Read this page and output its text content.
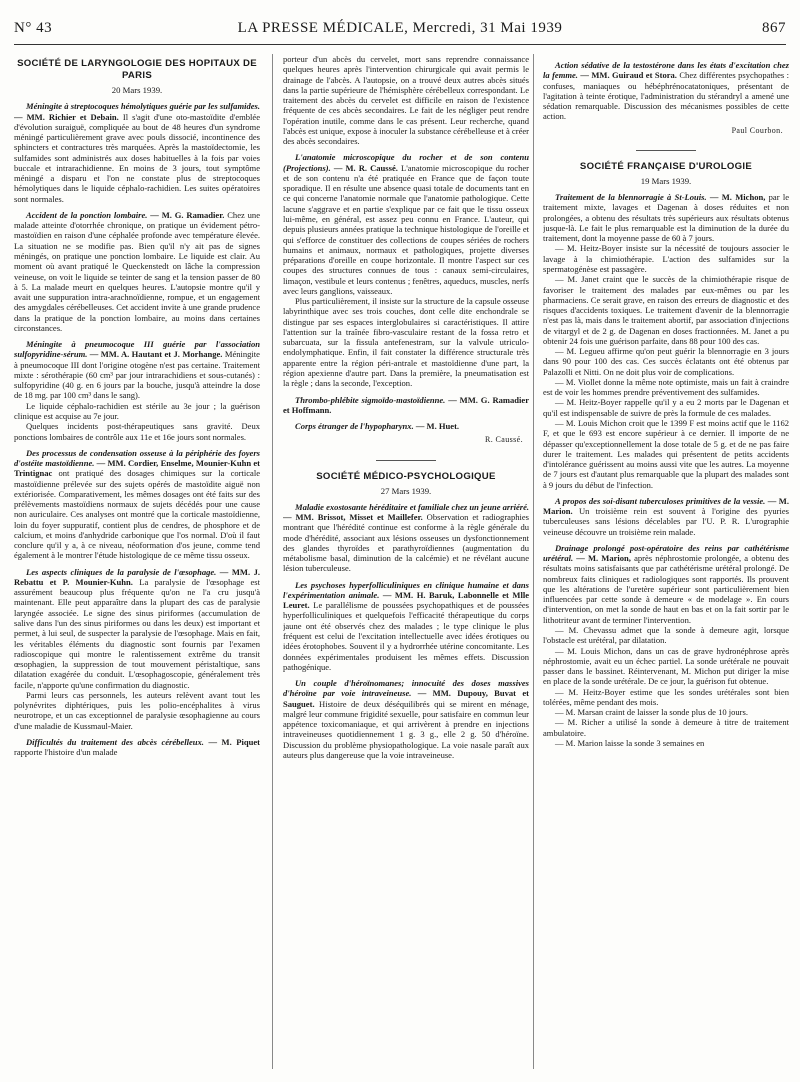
N° 43	LA PRESSE MÉDICALE, Mercredi, 31 Mai 1939	867
SOCIÉTÉ DE LARYNGOLOGIE DES HOPITAUX DE PARIS
20 Mars 1939.

Méningite à streptocoques hémolytiques guérie par les sulfamides. — MM. Richier et Debain. Il s'agit d'une oto-mastoïdite d'emblée d'évolution suraiguë, compliquée au bout de 48 heures d'un syndrome méningé particulièrement grave avec pouls dissocié, incontinence des sphincters et contractures très marquées. Après la mastoïdectomie, les sulfamides sont administrés aux doses habituelles à la fois par voies buccale et intrarachidienne. En moins de 3 jours, tout symptôme méningé a disparu et l'on ne constate plus de streptocoques hémolytiques dans le liquide céphalo-rachidien. Les suites opératoires sont normales.

Accident de la ponction lombaire. — M. G. Ramadier. Chez une malade atteinte d'otorrhée chronique, on pratique un évidement pétro-mastoïdien en raison d'une céphalée profonde avec température élevée. La situation ne se modifie pas. Bien qu'il n'y ait pas de signes méningés, on pratique une ponction lombaire. Le liquide est clair. Au moment où avant pratiqué le Queckenstedt on lâche la compression veineuse, on voit le liquide se teinter de sang et la tension passer de 80 à 5. La malade meurt en quelques heures. L'autopsie montre qu'il y avait une suppuration intra-arachnoïdienne, rompue, et un engagement des amygdales cérébelleuses. Cet accident invite à une grande prudence dans la pratique de la ponction lombaire, au moins dans certaines circonstances.

Méningite à pneumocoque III guérie par l'association sulfopyridine-sérum. — MM. A. Hautant et J. Morhange. Méningite à pneumocoque III dont l'origine otogène n'est pas certaine. Traitement mixte : sérothérapie (60 cm³ par jour intrarachidiens et sous-cutanés) : sulfopyridine (40 g. en 6 jours par la bouche, jusqu'à atteindre la dose de 18 mg. par 100 cm³ dans le sang).

Le liquide céphalo-rachidien est stérile au 3e jour ; la guérison clinique est acquise au 7e jour.

Quelques incidents post-thérapeutiques sans gravité. Deux ponctions lombaires de contrôle aux 11e et 16e jours sont normales.

Des processus de condensation osseuse à la périphérie des foyers d'ostéite mastoïdienne. — MM. Cordier, Enselme, Mounier-Kuhn et Trintignac ont pratiqué des dosages chimiques sur la corticale mastoïdienne prélevée sur des sujets opérés de mastoïdite aiguë non extériorisée. Comparativement, les mêmes dosages ont été faits sur des prélèvements mastoïdiens normaux de sujets décédés pour une cause non auriculaire. Ces analyses ont montré que la corticale mastoïdienne, loin du foyer suppuratif, contient plus de cendres, de phosphore et de calcium, et moins d'anhydride carbonique que l'os normal. D'où il faut conclure qu'il y a, à ce niveau, néoformation d'os jeune, comme tend également à le montrer l'étude histologique de ce même tissu osseux.

Les aspects cliniques de la paralysie de l'œsophage. — MM. J. Rebattu et P. Mounier-Kuhn. La paralysie de l'œsophage est assurément beaucoup plus fréquente qu'on ne l'a cru jusqu'à maintenant. Elle peut apparaître dans la plupart des cas de paralysie laryngée associée. Le signe des sinus piriformes (accumulation de salive dans l'un des sinus piriformes ou dans les deux) est important et permet, à lui seul, de suspecter la paralysie de l'œsophage. Mais en fait, les véritables éléments du diagnostic sont fournis par l'examen radioscopique qui montre le ralentissement extrême du transit œsophagien, la suppression de tout mouvement péristaltique, sans dilatation exagérée du conduit. L'œsophagoscopie, généralement très facile, n'apporte qu'une confirmation du diagnostic.

Parmi leurs cas personnels, les auteurs relèvent avant tout les polynévrites diphtériques, puis les polio-encéphalites à virus neurotrope, et un cas exceptionnel de paralysie œsophagienne au cours d'une maladie de Kussmaul-Maier.

Difficultés du traitement des abcès cérébelleux. — M. Piquet rapporte l'histoire d'un malade

porteur d'un abcès du cervelet, mort sans reprendre connaissance quelques heures après l'intervention chirurgicale qui avait permis le drainage de l'abcès. A l'autopsie, on a trouvé deux autres abcès situés dans la partie supérieure de l'hémisphère cérébelleux correspondant. Le traitement des abcès du cervelet est difficile en raison de l'existence fréquente de ces abcès secondaires. Le fait de les négliger peut rendre l'opération inutile, comme dans le cas présent. Leur recherche, quand l'abcès est unique, expose à inoculer la substance cérébelleuse et à créer des abcès secondaires.

L'anatomie microscopique du rocher et de son contenu (Projections). — M. R. Caussé. L'anatomie microscopique du rocher et de son contenu n'a été pratiquée en France que de façon toute sporadique. Il en résulte une absence quasi totale de documents tant en ce qui concerne l'anatomie normale que l'anatomie pathologique. Cette lacune s'aggrave et en partie s'explique par ce fait que le tissu osseux lui-même, en général, est assez peu connu en France. L'auteur, qui depuis plusieurs années pratique la technique histologique de l'oreille et qui s'efforce de constituer des collections de coupes sériées de rochers humains et animaux, normaux et pathologiques, projette diverses préparations d'oreille en coupe horizontale. Il montre l'aspect sur ces coupes des structures connues de tous : canaux semi-circulaires, limaçon, vestibule et leurs contenus ; fenêtres, aqueducs, muscles, nerfs avec leurs ganglions, vaisseaux.

Plus particulièrement, il insiste sur la structure de la capsule osseuse labyrinthique avec ses trois couches, dont celle dite enchondrale se distingue par ses espaces interglobulaires si caractéristiques. Il attire l'attention sur la traînée fibro-vasculaire restant de la fossa retro et subarcuata, sur la fissula antefenestram, sur la valvule utriculo-endolymphatique. Enfin, il fait constater la différence structurale très apparente entre la région péri-antrale et mastoïdienne d'une part, la région apexienne d'autre part. Dans la première, la pneumatisation est la règle ; dans la seconde, l'exception.

Thrombo-phlébite sigmoïdo-mastoïdienne. — MM. G. Ramadier et Hoffmann.

Corps étranger de l'hypopharynx. — M. Huet.

R. Caussé.
SOCIÉTÉ MÉDICO-PSYCHOLOGIQUE
27 Mars 1939.

Maladie exostosante héréditaire et familiale chez un jeune arriéré. — MM. Brissot, Misset et Maillefer. Observation et radiographies montrant que l'hérédité continue est conforme à la règle générale du mode d'hérédité, associant aux lésions osseuses un dysfonctionnement des glandes thyroïdes et parathyroïdiennes (augmentation du métabolisme basal, diminution de la calcémie) et ne révélant aucune lésion tuberculeuse.

Les psychoses hyperfolliculiniques en clinique humaine et dans l'expérimentation animale. — MM. H. Baruk, Labonnelle et Mlle Leuret. Le parallélisme de poussées psychopathiques et de poussées hyperfolliculiniques et quelquefois l'efficacité thérapeutique du corps jaune ont été observés chez des malades ; le type clinique le plus fréquent est celui de l'excitation intellectuelle avec idées érotiques ou idées érotophobes. Souvent il y a hydrorrhée utérine concomitante. Les données expérimentales produisent les mêmes effets. Discussion pathogénique.

Un couple d'héroïnomanes; innocuité des doses massives d'héroïne par voie intraveineuse. — MM. Dupouy, Buvat et Sauguet. Histoire de deux déséquilibrés qui se mirent en ménage, malgré leur commune frigidité sexuelle, pour satisfaire en commun leur appétence toxicomaniaque, et qui arrivèrent à prendre en injections intraveineuses quotidiennement 1 g. 3 g., elle 2 g. 50 d'héroïne. Discussion du problème physiopathologique. La voie nasale paraît aux auteurs plus dangereuse que la voie intraveineuse.

Action sédative de la testostérone dans les états d'excitation chez la femme. — MM. Guiraud et Stora. Chez différentes psychopathes : confuses, maniaques ou hébéphrénocatatoniques, présentant de l'agitation à teinte érotique, l'administration du stérandryl a amené une sédation remarquable. Discussion des mécanismes possibles de cette action.

Paul Courbon.
SOCIÉTÉ FRANÇAISE D'UROLOGIE
19 Mars 1939.

Traitement de la blennorragie à St-Louis. — M. Michon, par le traitement mixte, lavages et Dagenan à doses réduites et non prolongées, a obtenu des résultats très supérieurs aux résultats obtenus jusque-là. Le fait le plus remarquable est la diminution de la durée du traitement, dont la moyenne passe de 60 à 7 jours.

— M. Heitz-Boyer insiste sur la nécessité de toujours associer le lavage à la chimiothérapie. L'action des sulfamides sur la spermatogénèse est passagère.

— M. Janet craint que le succès de la chimiothérapie risque de favoriser le traitement des malades par eux-mêmes ou par les pharmaciens. Ce serait grave, en raison des erreurs de diagnostic et des risques d'accidents toxiques. Le traitement d'avenir de la blennorragie n'est pas là, mais dans le traitement abortif, par association d'injections de vitargyl et de 2 g. de Dagenan en doses fractionnées. M. Janet a pu obtenir 24 fois une guérison parfaite, dans 88 pour 100 des cas.

— M. Legueu affirme qu'on peut guérir la blennorragie en 3 jours dans 90 pour 100 des cas. Ces succès éclatants ont été obtenus par Palazolli et Nitti. On ne doit plus voir de complications.

— M. Viollet donne la même note optimiste, mais un fait à craindre est de voir les hommes prendre préventivement des sulfamides.

— M. Heitz-Boyer rappelle qu'il y a eu 2 morts par le Dagenan et qu'il est indispensable de suivre de près la formule de ces malades.

— M. Louis Michon croit que le 1399 F est moins actif que le 1162 F, et que le 693 est encore supérieur à ce dernier. Il importe de ne dépasser qu'exceptionnellement la dose totale de 5 g. et de ne pas faire durer le traitement. Les malades qui présentent de petits accidents d'intolérance guérissent au moins aussi vite que les autres. La moyenne de 7 jours est d'autant plus remarquable que la plupart des malades sont à 9 jours du début de l'infection.

A propos des soi-disant tuberculoses primitives de la vessie. — M. Marion. Un troisième rein est souvent à l'origine des pyuries tuberculeuses sans lésions décelables par l'U. P. R. L'urographie veineuse découvre un troisième rein malade.

Drainage prolongé post-opératoire des reins par cathétérisme urétéral. — M. Marion, après néphrostomie prolongée, a obtenu des résultats moins satisfaisants que par cathétérisme urétéral prolongé. De nombreux faits cliniques et radiologiques sont rapportés. Ils prouvent que les altérations de l'uretère supérieur sont particulièrement bien influencées par cette sonde à demeure « de modelage ». En cours d'intervention, on met la sonde de haut en bas et on la fait sortir par le lithotriteur avant de terminer l'intervention.

— M. Chevassu admet que la sonde à demeure agit, lorsque l'obstacle est urétéral, par dilatation.

— M. Louis Michon, dans un cas de grave hydronéphrose après néphrostomie, avait eu un échec partiel. La sonde urétérale ne pouvait passer dans le bassinet. Réintervenant, M. Michon put diriger la mise en place de la sonde urétérale. De ce jour, la guérison fut obtenue.

— M. Heitz-Boyer estime que les sondes urétérales sont bien tolérées, même pendant des mois.

— M. Marsan craint de laisser la sonde plus de 10 jours.

— M. Richer a utilisé la sonde à demeure à titre de traitement ambulatoire.

— M. Marion laisse la sonde 3 semaines en
